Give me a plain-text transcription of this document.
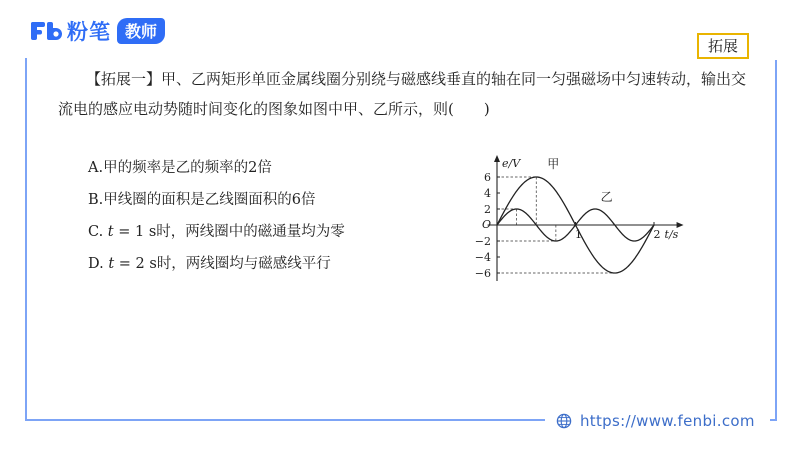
粉笔 教师
拓展
【拓展一】甲、乙两矩形单匝金属线圈分别绕与磁感线垂直的轴在同一匀强磁场中匀速转动，输出交流电的感应电动势随时间变化的图象如图中甲、乙所示，则(　　)
A.甲的频率是乙的频率的2倍
B.甲线圈的面积是乙线圈面积的6倍
C. t = 1 s时，两线圈中的磁通量均为零
D. t = 2 s时，两线圈均与磁感线平行
6
4
2
−2
−4
−6
1	2
O
e/V
t/s
甲
乙
https://www.fenbi.com
